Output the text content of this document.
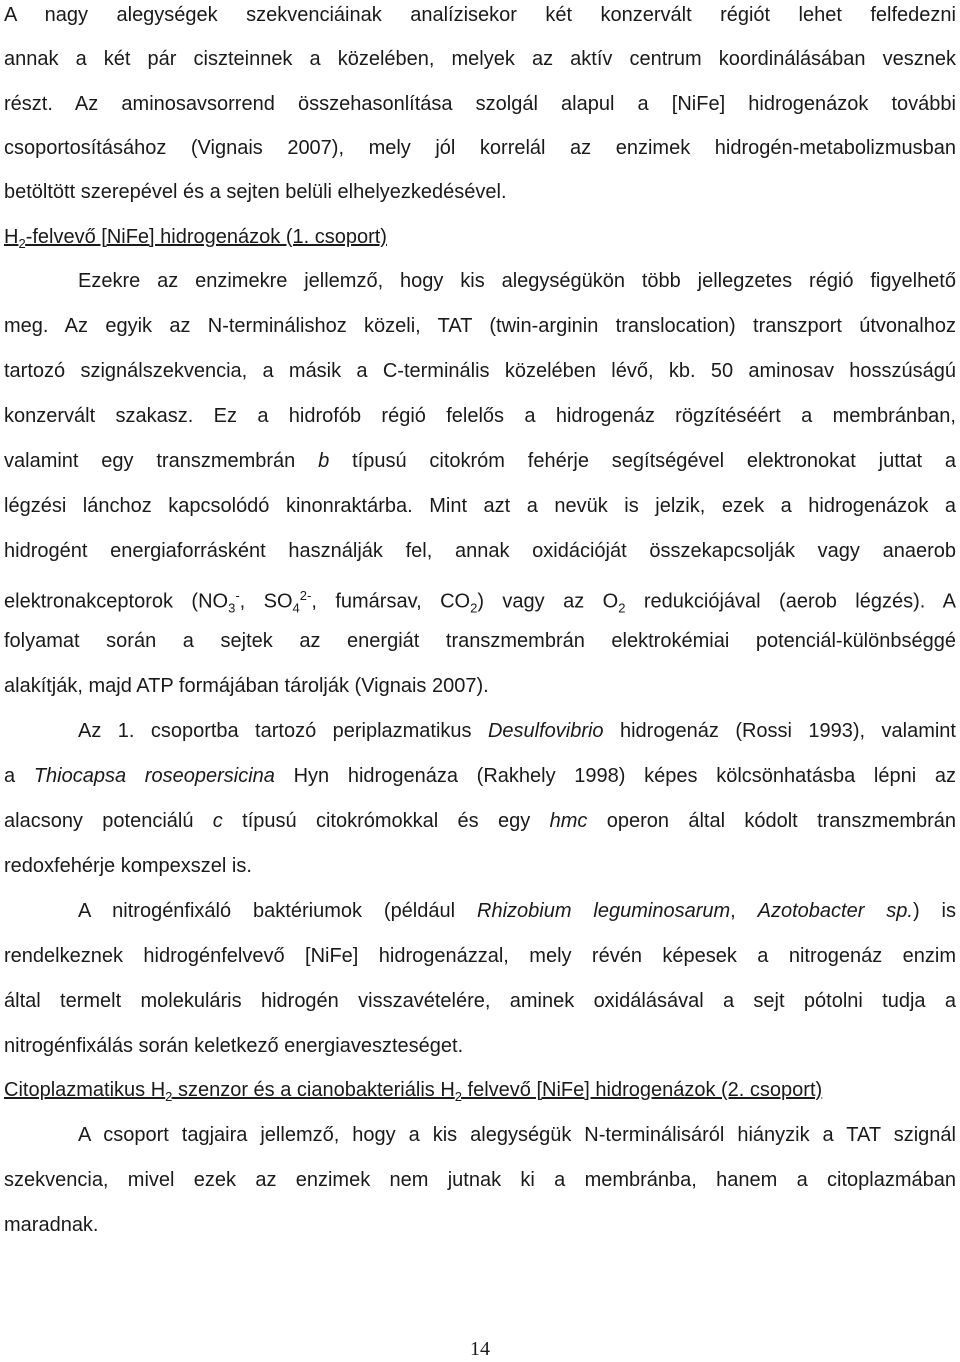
A nagy alegységek szekvenciáinak analízisekor két konzervált régiót lehet felfedezni
annak a két pár ciszteinnek a közelében, melyek az aktív centrum koordinálásában vesznek
részt. Az aminosavsorrend összehasonlítása szolgál alapul a [NiFe] hidrogenázok további
csoportosításához (Vignais 2007), mely jól korrelál az enzimek hidrogén-metabolizmusban
betöltött szerepével és a sejten belüli elhelyezkedésével.
$H_2$-felvevő [NiFe] hidrogenázok (1. csoport)
Ezekre az enzimekre jellemző, hogy kis alegységükön több jellegzetes régió figyelhető
meg. Az egyik az N-terminálishoz közeli, TAT (twin-arginin translocation) transzport útvonalhoz
tartozó szignálszekvencia, a másik a C-terminális közelében lévő, kb. 50 aminosav hosszúságú
konzervált szakasz. Ez a hidrofób régió felelős a hidrogenáz rögzítéséért a membránban,
valamint egy transzmembrán b típusú citokróm fehérje segítségével elektronokat juttat a
légzési lánchoz kapcsolódó kinonraktárba. Mint azt a nevük is jelzik, ezek a hidrogenázok a
hidrogént energiaforrásként használják fel, annak oxidációját összekapcsolják vagy anaerob
elektronakceptorok ($NO_3^-$, $SO_4^{2-}$, fumársav, $CO_2$) vagy az $O_2$ redukciójával (aerob légzés). A
folyamat során a sejtek az energiát transzmembrán elektrokémiai potenciál-különbséggé
alakítják, majd ATP formájában tárolják (Vignais 2007).
Az 1. csoportba tartozó periplazmatikus Desulfovibrio hidrogenáz (Rossi 1993), valamint
a Thiocapsa roseopersicina Hyn hidrogenáza (Rakhely 1998) képes kölcsönhatásba lépni az
alacsony potenciálú c típusú citokrómokkal és egy hmc operon által kódolt transzmembrán
redoxfehérje kompexszel is.
A nitrogénfixáló baktériumok (például Rhizobium leguminosarum, Azotobacter sp.) is
rendelkeznek hidrogénfelvevő [NiFe] hidrogenázzal, mely révén képesek a nitrogenáz enzim
által termelt molekuláris hidrogén visszavételére, aminek oxidálásával a sejt pótolni tudja a
nitrogénfixálás során keletkező energiaveszteséget.
Citoplazmatikus $H_2$ szenzor és a cianobakteriális $H_2$ felvevő [NiFe] hidrogenázok (2. csoport)
A csoport tagjaira jellemző, hogy a kis alegységük N-terminálisáról hiányzik a TAT szignál
szekvencia, mivel ezek az enzimek nem jutnak ki a membránba, hanem a citoplazmában
maradnak.
14
